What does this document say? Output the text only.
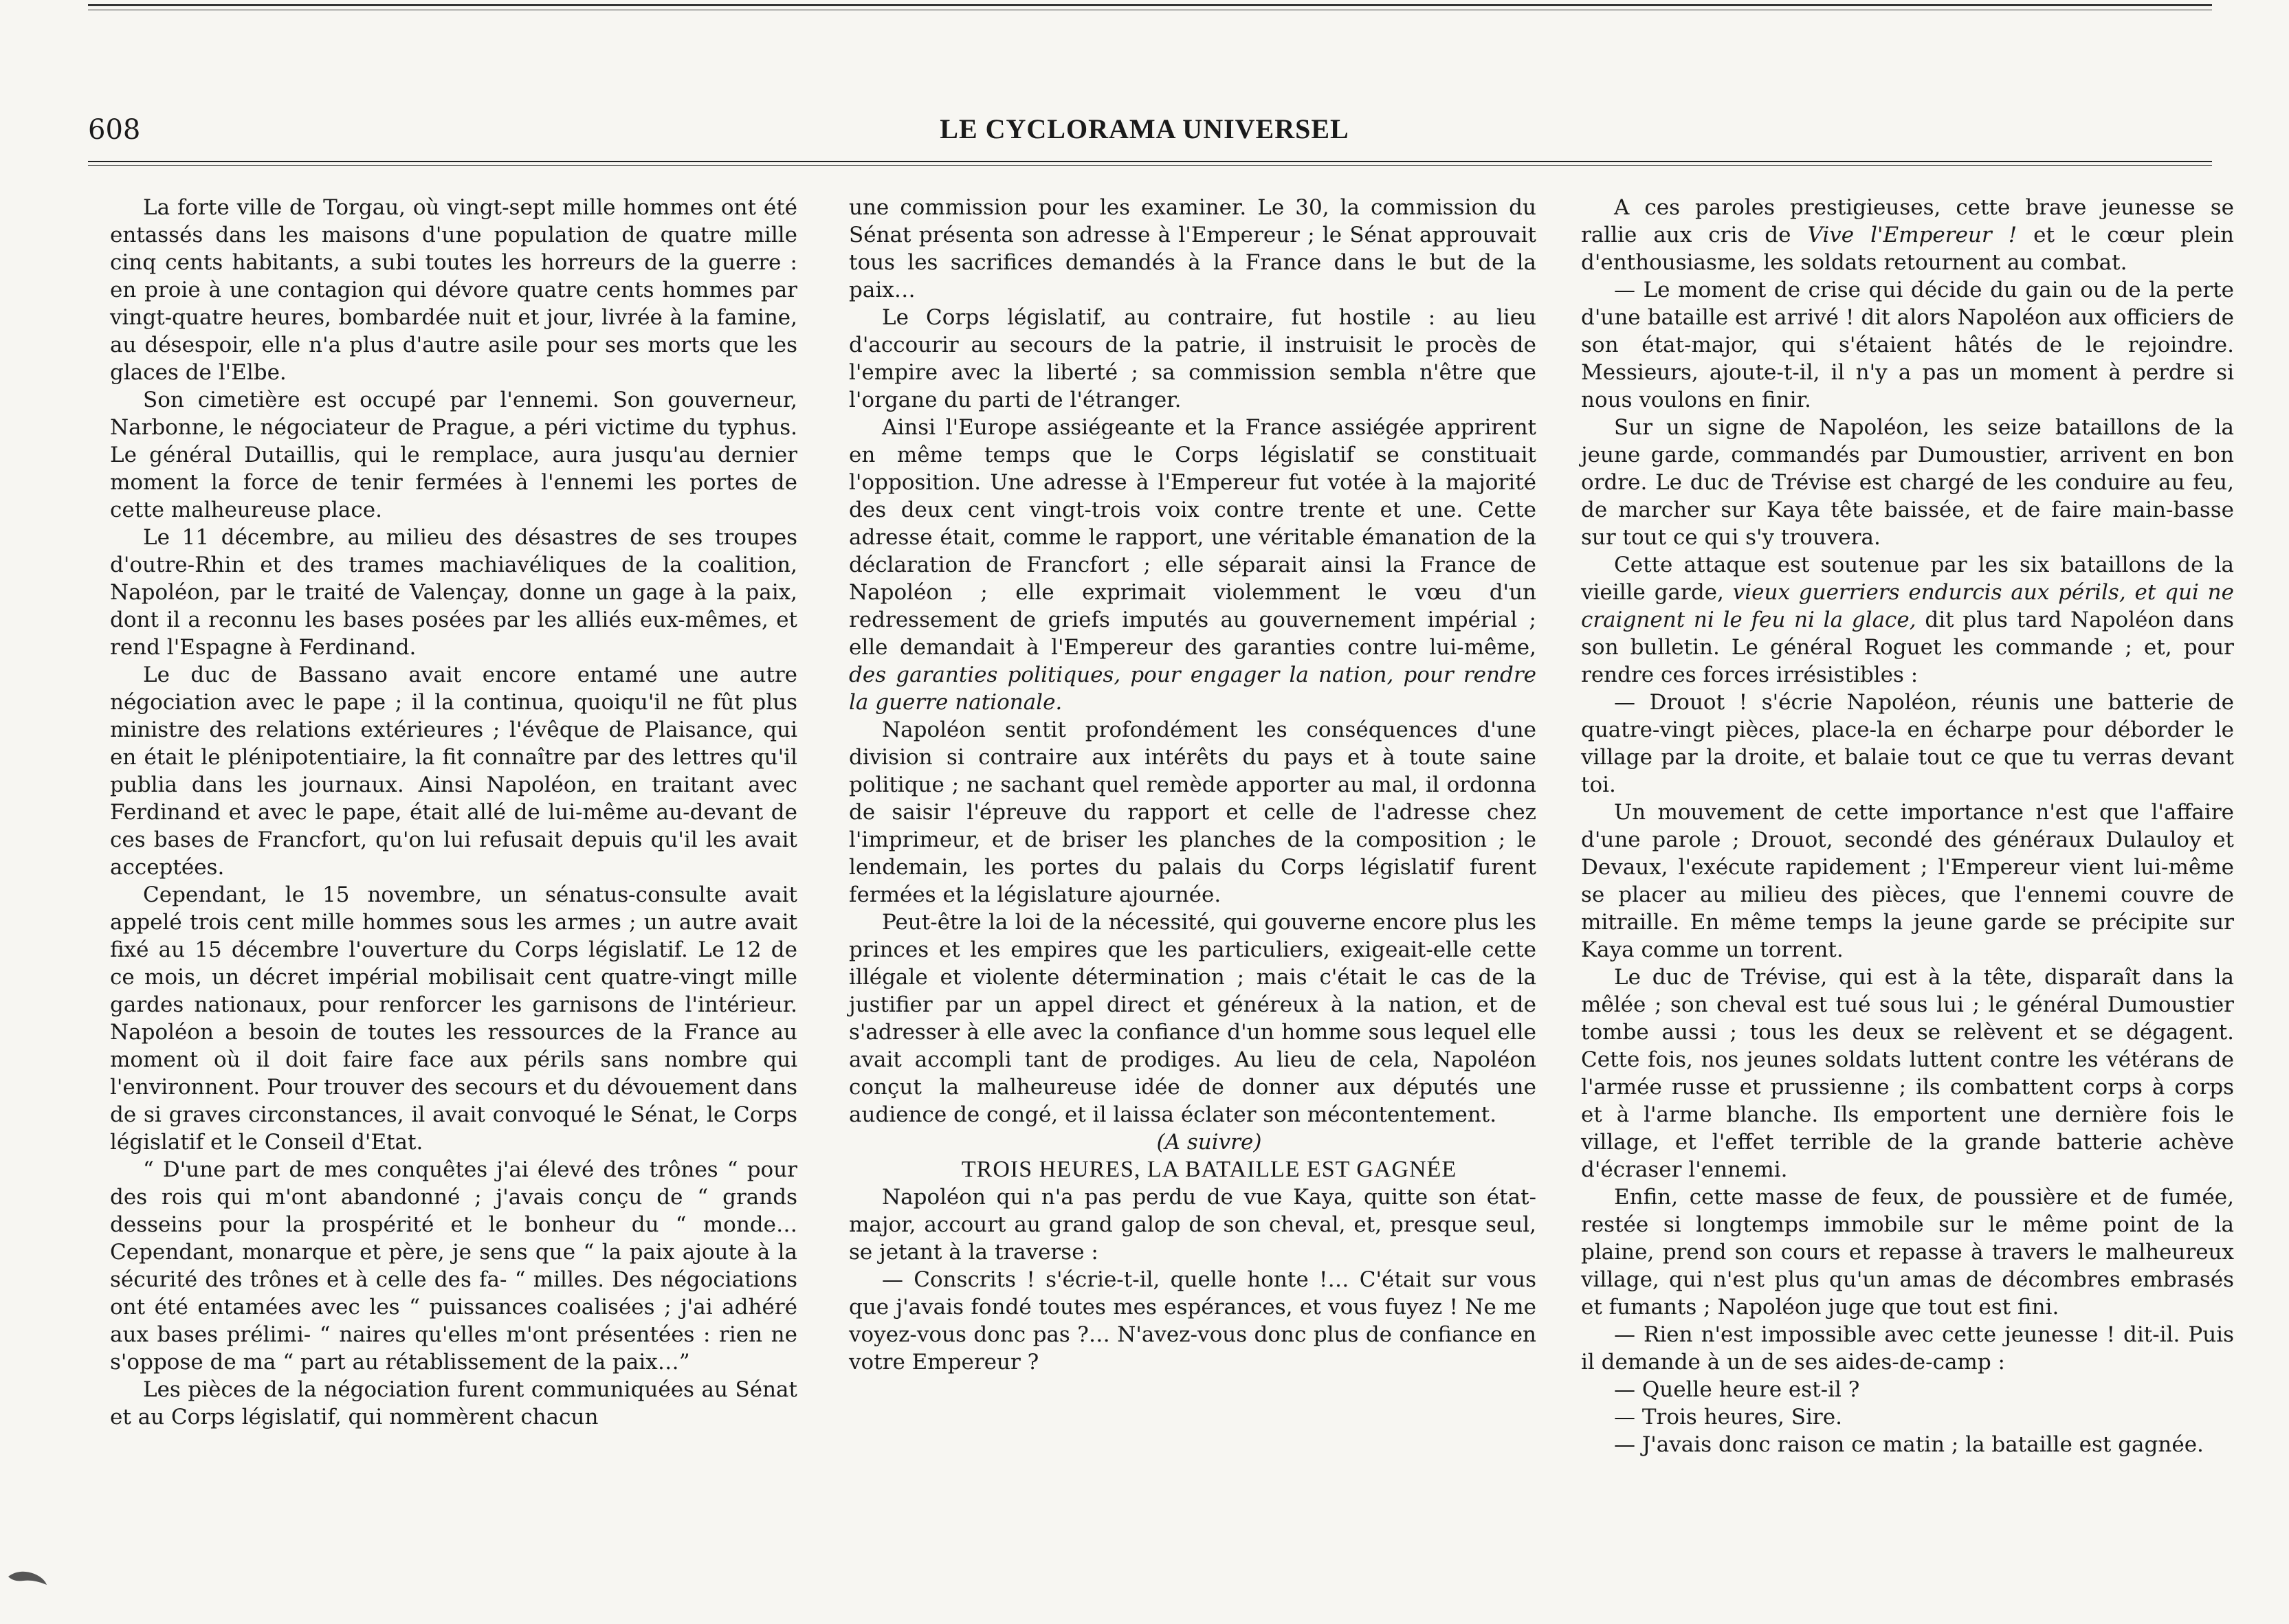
608	LE CYCLORAMA UNIVERSEL

La forte ville de Torgau, où vingt-sept mille hommes ont été entassés dans les maisons d'une population de quatre mille cinq cents habitants, a subi toutes les horreurs de la guerre : en proie à une contagion qui dévore quatre cents hommes par vingt-quatre heures, bombardée nuit et jour, livrée à la famine, au désespoir, elle n'a plus d'autre asile pour ses morts que les glaces de l'Elbe.

Son cimetière est occupé par l'ennemi. Son gouverneur, Narbonne, le négociateur de Prague, a péri victime du typhus. Le général Dutaillis, qui le remplace, aura jusqu'au dernier moment la force de tenir fermées à l'ennemi les portes de cette malheureuse place.

Le 11 décembre, au milieu des désastres de ses troupes d'outre-Rhin et des trames machiavéliques de la coalition, Napoléon, par le traité de Valençay, donne un gage à la paix, dont il a reconnu les bases posées par les alliés eux-mêmes, et rend l'Espagne à Ferdinand.

Le duc de Bassano avait encore entamé une autre négociation avec le pape ; il la continua, quoiqu'il ne fût plus ministre des relations extérieures ; l'évêque de Plaisance, qui en était le plénipotentiaire, la fit connaître par des lettres qu'il publia dans les journaux. Ainsi Napoléon, en traitant avec Ferdinand et avec le pape, était allé de lui-même au-devant de ces bases de Francfort, qu'on lui refusait depuis qu'il les avait acceptées.

Cependant, le 15 novembre, un sénatus-consulte avait appelé trois cent mille hommes sous les armes ; un autre avait fixé au 15 décembre l'ouverture du Corps législatif. Le 12 de ce mois, un décret impérial mobilisait cent quatre-vingt mille gardes nationaux, pour renforcer les garnisons de l'intérieur. Napoléon a besoin de toutes les ressources de la France au moment où il doit faire face aux périls sans nombre qui l'environnent. Pour trouver des secours et du dévouement dans de si graves circonstances, il avait convoqué le Sénat, le Corps législatif et le Conseil d'Etat.

“ D'une part de mes conquêtes j'ai élevé des trônes “ pour des rois qui m'ont abandonné ; j'avais conçu de “ grands desseins pour la prospérité et le bonheur du “ monde… Cependant, monarque et père, je sens que “ la paix ajoute à la sécurité des trônes et à celle des fa- “ milles. Des négociations ont été entamées avec les “ puissances coalisées ; j'ai adhéré aux bases prélimi- “ naires qu'elles m'ont présentées : rien ne s'oppose de ma “ part au rétablissement de la paix…”

Les pièces de la négociation furent communiquées au Sénat et au Corps législatif, qui nommèrent chacun

une commission pour les examiner. Le 30, la commission du Sénat présenta son adresse à l'Empereur ; le Sénat approuvait tous les sacrifices demandés à la France dans le but de la paix…

Le Corps législatif, au contraire, fut hostile : au lieu d'accourir au secours de la patrie, il instruisit le procès de l'empire avec la liberté ; sa commission sembla n'être que l'organe du parti de l'étranger.

Ainsi l'Europe assiégeante et la France assiégée apprirent en même temps que le Corps législatif se constituait l'opposition. Une adresse à l'Empereur fut votée à la majorité des deux cent vingt-trois voix contre trente et une. Cette adresse était, comme le rapport, une véritable émanation de la déclaration de Francfort ; elle séparait ainsi la France de Napoléon ; elle exprimait violemment le vœu d'un redressement de griefs imputés au gouvernement impérial ; elle demandait à l'Empereur des garanties contre lui-même, des garanties politiques, pour engager la nation, pour rendre la guerre nationale.

Napoléon sentit profondément les conséquences d'une division si contraire aux intérêts du pays et à toute saine politique ; ne sachant quel remède apporter au mal, il ordonna de saisir l'épreuve du rapport et celle de l'adresse chez l'imprimeur, et de briser les planches de la composition ; le lendemain, les portes du palais du Corps législatif furent fermées et la législature ajournée.

Peut-être la loi de la nécessité, qui gouverne encore plus les princes et les empires que les particuliers, exigeait-elle cette illégale et violente détermination ; mais c'était le cas de la justifier par un appel direct et généreux à la nation, et de s'adresser à elle avec la confiance d'un homme sous lequel elle avait accompli tant de prodiges. Au lieu de cela, Napoléon conçut la malheureuse idée de donner aux députés une audience de congé, et il laissa éclater son mécontentement.

(A suivre)

TROIS HEURES, LA BATAILLE EST GAGNÉE

Napoléon qui n'a pas perdu de vue Kaya, quitte son état-major, accourt au grand galop de son cheval, et, presque seul, se jetant à la traverse :

— Conscrits ! s'écrie-t-il, quelle honte !… C'était sur vous que j'avais fondé toutes mes espérances, et vous fuyez ! Ne me voyez-vous donc pas ?… N'avez-vous donc plus de confiance en votre Empereur ?

A ces paroles prestigieuses, cette brave jeunesse se rallie aux cris de Vive l'Empereur ! et le cœur plein d'enthousiasme, les soldats retournent au combat.

— Le moment de crise qui décide du gain ou de la perte d'une bataille est arrivé ! dit alors Napoléon aux officiers de son état-major, qui s'étaient hâtés de le rejoindre. Messieurs, ajoute-t-il, il n'y a pas un moment à perdre si nous voulons en finir.

Sur un signe de Napoléon, les seize bataillons de la jeune garde, commandés par Dumoustier, arrivent en bon ordre. Le duc de Trévise est chargé de les conduire au feu, de marcher sur Kaya tête baissée, et de faire main-basse sur tout ce qui s'y trouvera.

Cette attaque est soutenue par les six bataillons de la vieille garde, vieux guerriers endurcis aux périls, et qui ne craignent ni le feu ni la glace, dit plus tard Napoléon dans son bulletin. Le général Roguet les commande ; et, pour rendre ces forces irrésistibles :

— Drouot ! s'écrie Napoléon, réunis une batterie de quatre-vingt pièces, place-la en écharpe pour déborder le village par la droite, et balaie tout ce que tu verras devant toi.

Un mouvement de cette importance n'est que l'affaire d'une parole ; Drouot, secondé des généraux Dulauloy et Devaux, l'exécute rapidement ; l'Empereur vient lui-même se placer au milieu des pièces, que l'ennemi couvre de mitraille. En même temps la jeune garde se précipite sur Kaya comme un torrent.

Le duc de Trévise, qui est à la tête, disparaît dans la mêlée ; son cheval est tué sous lui ; le général Dumoustier tombe aussi ; tous les deux se relèvent et se dégagent. Cette fois, nos jeunes soldats luttent contre les vétérans de l'armée russe et prussienne ; ils combattent corps à corps et à l'arme blanche. Ils emportent une dernière fois le village, et l'effet terrible de la grande batterie achève d'écraser l'ennemi.

Enfin, cette masse de feux, de poussière et de fumée, restée si longtemps immobile sur le même point de la plaine, prend son cours et repasse à travers le malheureux village, qui n'est plus qu'un amas de décombres embrasés et fumants ; Napoléon juge que tout est fini.

— Rien n'est impossible avec cette jeunesse ! dit-il. Puis il demande à un de ses aides-de-camp :

— Quelle heure est-il ?

— Trois heures, Sire.

— J'avais donc raison ce matin ; la bataille est gagnée.
